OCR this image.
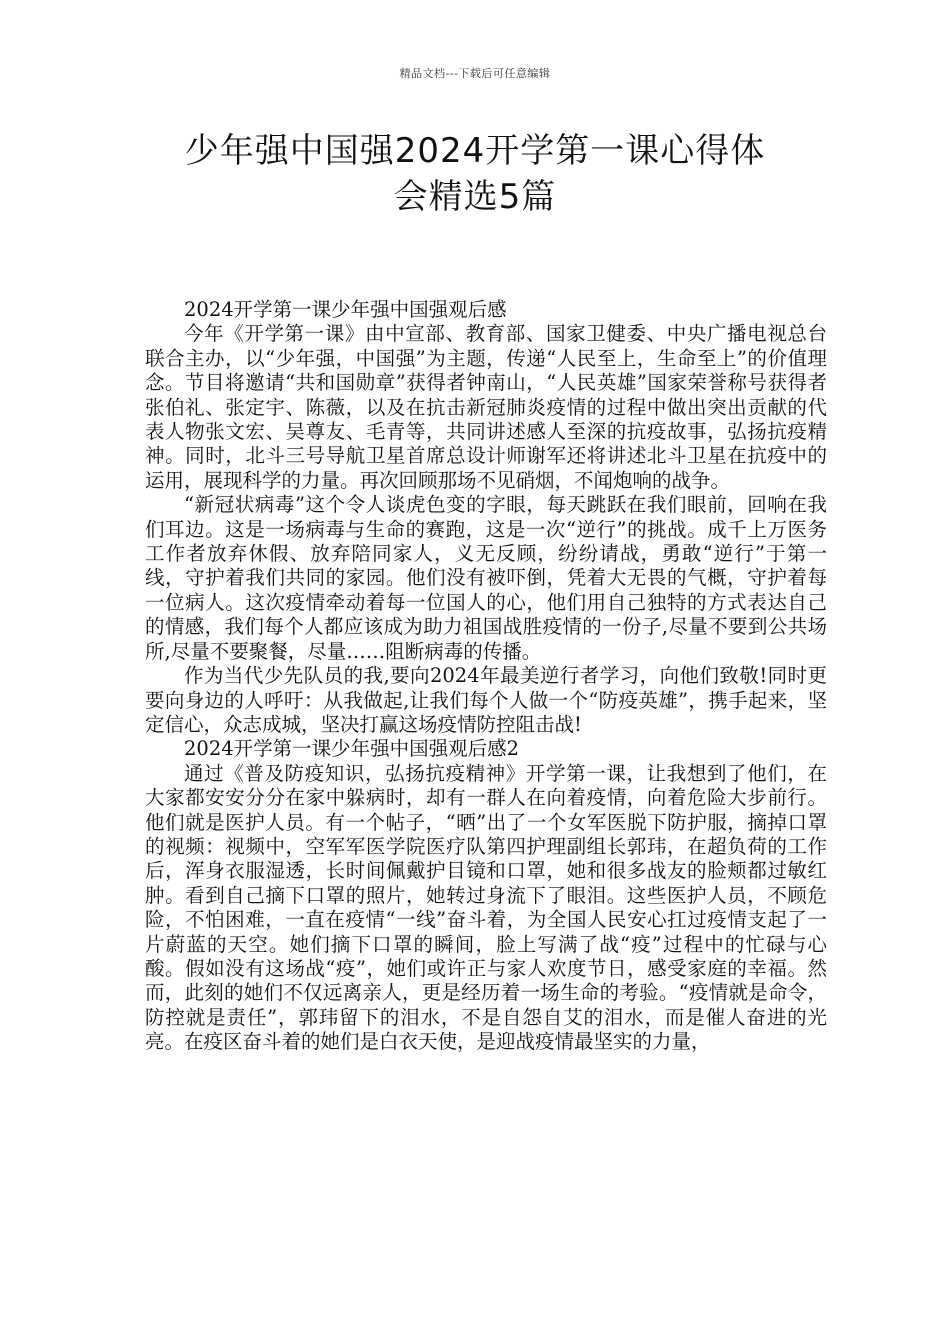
精品文档---下载后可任意编辑
少年强中国强2024开学第一课心得体
会精选5篇

2024开学第一课少年强中国强观后感

今年《开学第一课》由中宣部、教育部、国家卫健委、中央广播电视总台联合主办，以“少年强，中国强”为主题，传递“人民至上，生命至上”的价值理念。节目将邀请“共和国勋章”获得者钟南山，“人民英雄”国家荣誉称号获得者张伯礼、张定宇、陈薇，以及在抗击新冠肺炎疫情的过程中做出突出贡献的代表人物张文宏、吴尊友、毛青等，共同讲述感人至深的抗疫故事，弘扬抗疫精神。同时，北斗三号导航卫星首席总设计师谢军还将讲述北斗卫星在抗疫中的运用，展现科学的力量。再次回顾那场不见硝烟，不闻炮响的战争。

“新冠状病毒”这个令人谈虎色变的字眼，每天跳跃在我们眼前，回响在我们耳边。这是一场病毒与生命的赛跑，这是一次“逆行”的挑战。成千上万医务工作者放弃休假、放弃陪同家人，义无反顾，纷纷请战，勇敢“逆行”于第一线，守护着我们共同的家园。他们没有被吓倒，凭着大无畏的气概，守护着每一位病人。这次疫情牵动着每一位国人的心，他们用自己独特的方式表达自己的情感，我们每个人都应该成为助力祖国战胜疫情的一份子,尽量不要到公共场所,尽量不要聚餐，尽量……阻断病毒的传播。

作为当代少先队员的我,要向2024年最美逆行者学习，向他们致敬!同时更要向身边的人呼吁：从我做起,让我们每个人做一个“防疫英雄”，携手起来，坚定信心，众志成城，坚决打赢这场疫情防控阻击战!

2024开学第一课少年强中国强观后感2

通过《普及防疫知识，弘扬抗疫精神》开学第一课，让我想到了他们，在大家都安安分分在家中躲病时，却有一群人在向着疫情，向着危险大步前行。他们就是医护人员。有一个帖子，“晒”出了一个女军医脱下防护服，摘掉口罩的视频：视频中，空军军医学院医疗队第四护理副组长郭玮，在超负荷的工作后，浑身衣服湿透，长时间佩戴护目镜和口罩，她和很多战友的脸颊都过敏红肿。看到自己摘下口罩的照片，她转过身流下了眼泪。这些医护人员，不顾危险，不怕困难，一直在疫情“一线”奋斗着，为全国人民安心扛过疫情支起了一片蔚蓝的天空。她们摘下口罩的瞬间，脸上写满了战“疫”过程中的忙碌与心酸。假如没有这场战“疫”，她们或许正与家人欢度节日，感受家庭的幸福。然而，此刻的她们不仅远离亲人，更是经历着一场生命的考验。“疫情就是命令，防控就是责任”，郭玮留下的泪水，不是自怨自艾的泪水，而是催人奋进的光亮。在疫区奋斗着的她们是白衣天使，是迎战疫情最坚实的力量，
